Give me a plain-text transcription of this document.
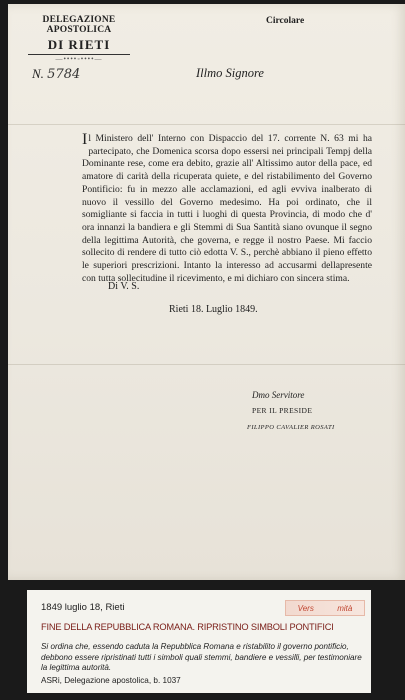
DELEGAZIONE APOSTOLICA
DI RIETI
—••••◦••••—
Circolare
N. 5784	Illmo Signore
Il Ministero dell' Interno con Dispaccio del 17. corrente N. 63 mi ha partecipato, che Domenica scorsa dopo essersi nei principali Tempj della Dominante rese, come era debito, grazie all' Altissimo autor della pace, ed amatore di carità della ricuperata quiete, e del ristabilimento del Governo Pontificio: fu in mezzo alle acclamazioni, ed agli evviva inalberato di nuovo il vessillo del Governo medesimo. Ha poi ordinato, che il somigliante si faccia in tutti i luoghi di questa Provincia, di modo che d' ora innanzi la bandiera e gli Stemmi di Sua Santità siano ovunque il segno della legittima Autorità, che governa, e regge il nostro Paese. Mi faccio sollecito di rendere di tutto ciò edotta V. S., perchè abbiano il pieno effetto le superiori prescrizioni. Intanto la interesso ad accusarmi dellapresente con tutta sollecitudine il ricevimento, e mi dichiaro con sincera stima.
Di V. S.
Rieti 18. Luglio 1849.
Dmo Servitore
PER IL PRESIDE
FILIPPO CAVALIER ROSATI
1849 luglio 18, Rieti	Vers	mità
FINE DELLA REPUBBLICA ROMANA. RIPRISTINO SIMBOLI PONTIFICI
Si ordina che, essendo caduta la Repubblica Romana e ristabilito il governo pontificio, debbono essere ripristinati tutti i simboli quali stemmi, bandiere e vessilli, per testimoniare la legittima autorità.
ASRi, Delegazione apostolica, b. 1037
